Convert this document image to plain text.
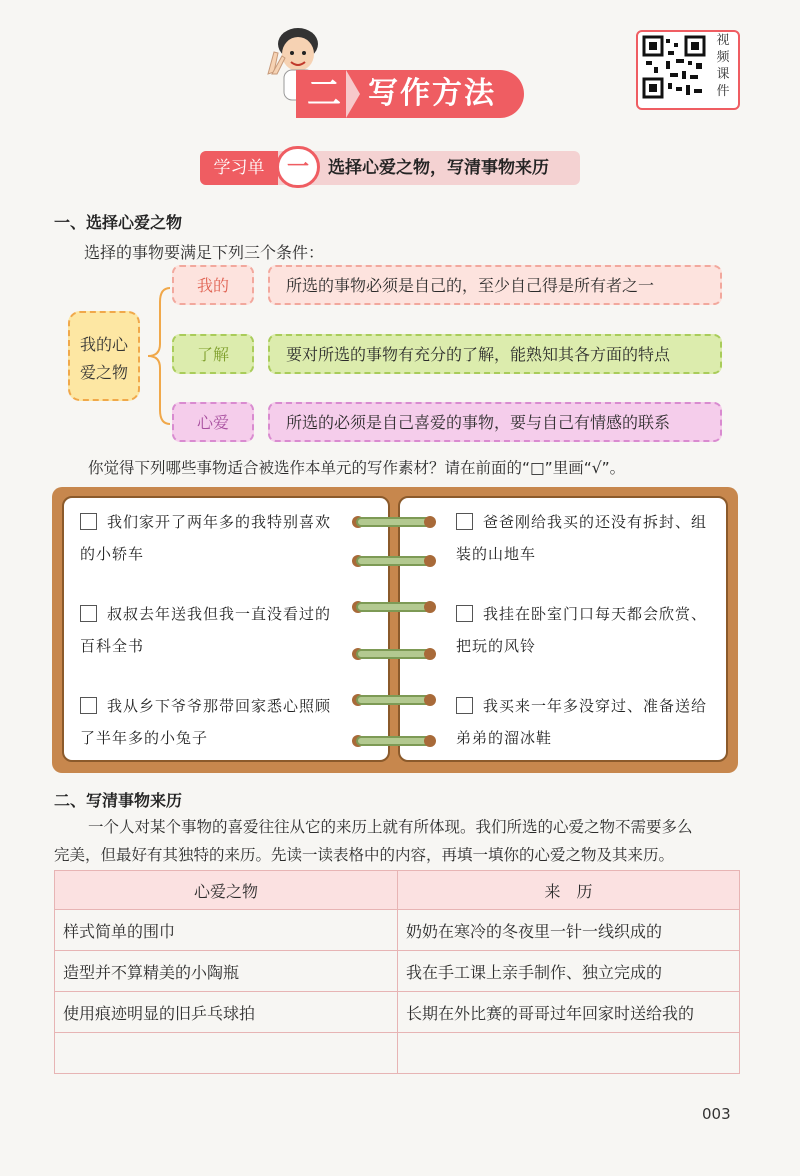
二 写作方法
视频课件
学习单	一	选择心爱之物，写清事物来历
一、选择心爱之物
选择的事物要满足下列三个条件：
我的心爱之物
我的	所选的事物必须是自己的，至少自己得是所有者之一
了解	要对所选的事物有充分的了解，能熟知其各方面的特点
心爱	所选的必须是自己喜爱的事物，要与自己有情感的联系
你觉得下列哪些事物适合被选作本单元的写作素材？请在前面的“□”里画“√”。
我们家开了两年多的我特别喜欢的小轿车
爸爸刚给我买的还没有拆封、组装的山地车
叔叔去年送我但我一直没看过的百科全书
我挂在卧室门口每天都会欣赏、把玩的风铃
我从乡下爷爷那带回家悉心照顾了半年多的小兔子
我买来一年多没穿过、准备送给弟弟的溜冰鞋
二、写清事物来历
一个人对某个事物的喜爱往往从它的来历上就有所体现。我们所选的心爱之物不需要多么
完美，但最好有其独特的来历。先读一读表格中的内容，再填一填你的心爱之物及其来历。
心爱之物	来　历
样式简单的围巾	奶奶在寒冷的冬夜里一针一线织成的
造型并不算精美的小陶瓶	我在手工课上亲手制作、独立完成的
使用痕迹明显的旧乒乓球拍	长期在外比赛的哥哥过年回家时送给我的

003
